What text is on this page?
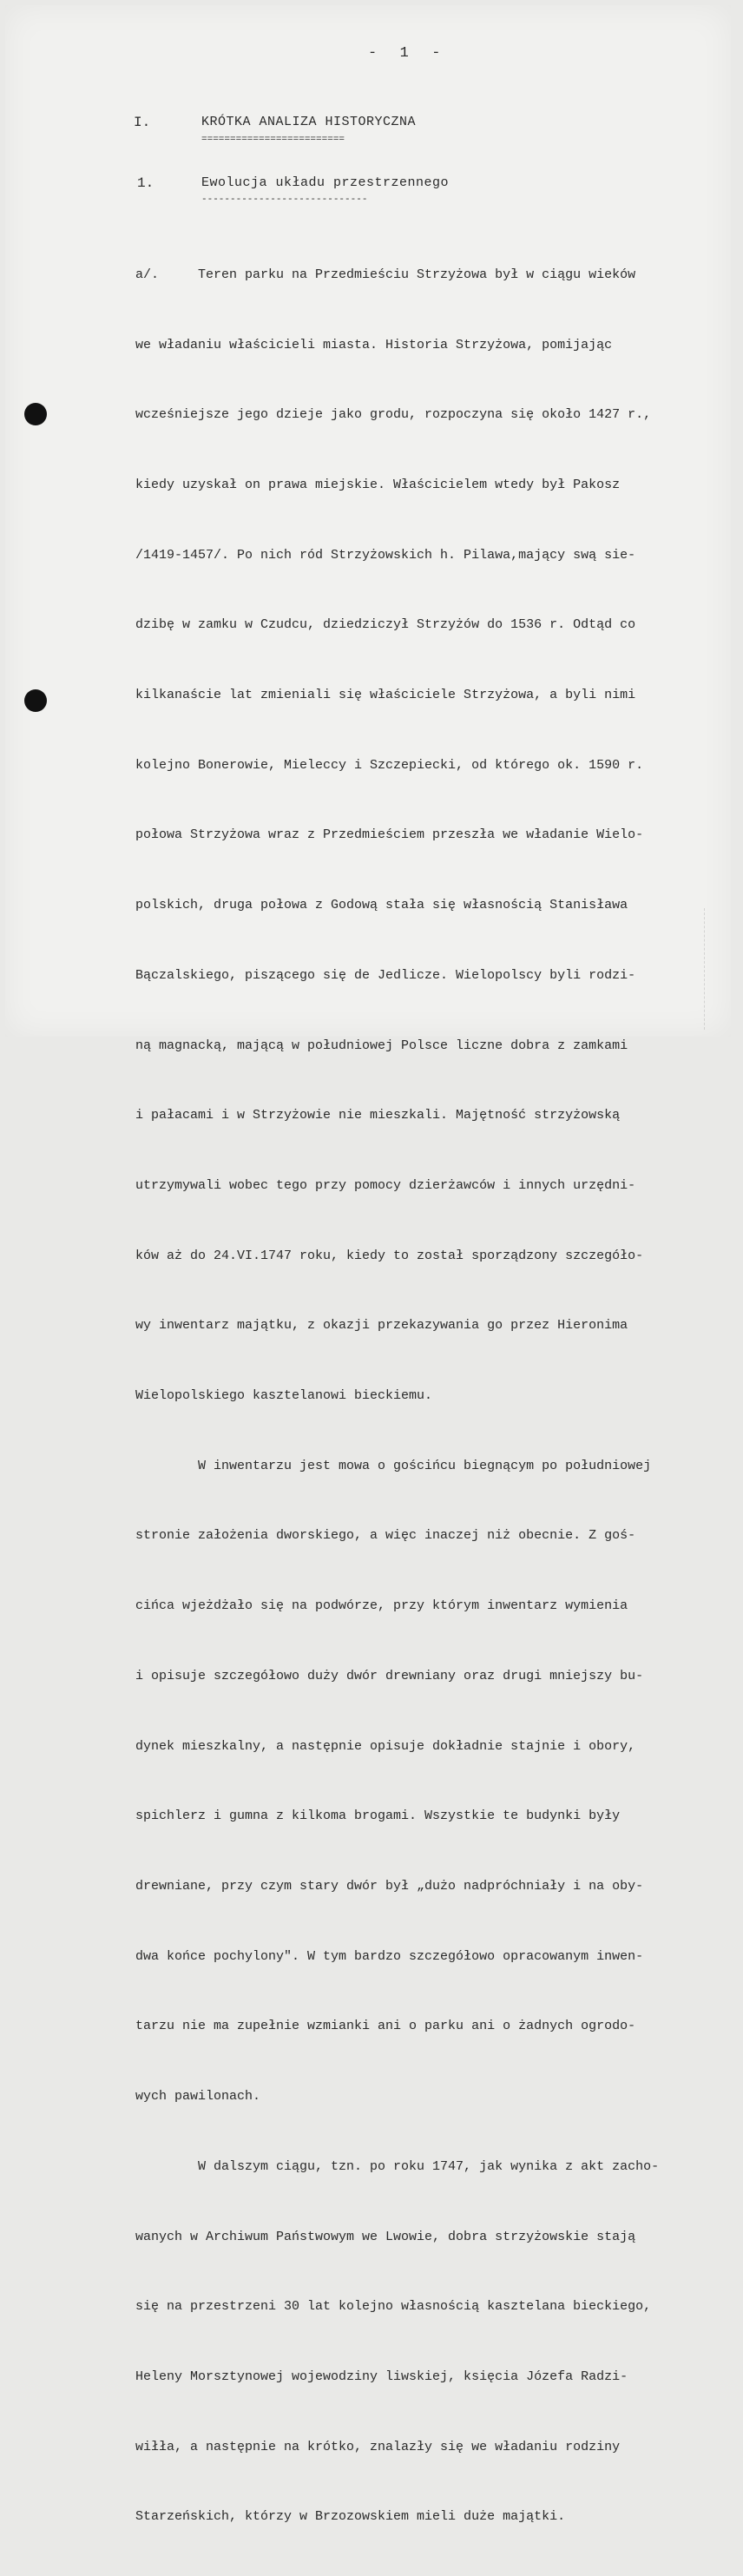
-  1  -
I.	KRÓTKA ANALIZA HISTORYCZNA
=========================
1.	Ewolucja układu przestrzennego
-----------------------------

a/.     Teren parku na Przedmieściu Strzyżowa był w ciągu wieków

we władaniu właścicieli miasta. Historia Strzyżowa, pomijając

wcześniejsze jego dzieje jako grodu, rozpoczyna się około 1427 r.,

kiedy uzyskał on prawa miejskie. Właścicielem wtedy był Pakosz

/1419-1457/. Po nich ród Strzyżowskich h. Pilawa,mający swą sie-

dzibę w zamku w Czudcu, dziedziczył Strzyżów do 1536 r. Odtąd co

kilkanaście lat zmieniali się właściciele Strzyżowa, a byli nimi

kolejno Bonerowie, Mieleccy i Szczepiecki, od którego ok. 1590 r.

połowa Strzyżowa wraz z Przedmieściem przeszła we władanie Wielo-

polskich, druga połowa z Godową stała się własnością Stanisława

Bączalskiego, piszącego się de Jedlicze. Wielopolscy byli rodzi-

ną magnacką, mającą w południowej Polsce liczne dobra z zamkami

i pałacami i w Strzyżowie nie mieszkali. Majętność strzyżowską

utrzymywali wobec tego przy pomocy dzierżawców i innych urzędni-

ków aż do 24.VI.1747 roku, kiedy to został sporządzony szczegóło-

wy inwentarz majątku, z okazji przekazywania go przez Hieronima

Wielopolskiego kasztelanowi bieckiemu.

W inwentarzu jest mowa o gościńcu biegnącym po południowej

stronie założenia dworskiego, a więc inaczej niż obecnie. Z goś-

cińca wjeżdżało się na podwórze, przy którym inwentarz wymienia

i opisuje szczegółowo duży dwór drewniany oraz drugi mniejszy bu-

dynek mieszkalny, a następnie opisuje dokładnie stajnie i obory,

spichlerz i gumna z kilkoma brogami. Wszystkie te budynki były

drewniane, przy czym stary dwór był „dużo nadpróchniały i na oby-

dwa końce pochylony". W tym bardzo szczegółowo opracowanym inwen-

tarzu nie ma zupełnie wzmianki ani o parku ani o żadnych ogrodo-

wych pawilonach.

W dalszym ciągu, tzn. po roku 1747, jak wynika z akt zacho-

wanych w Archiwum Państwowym we Lwowie, dobra strzyżowskie stają

się na przestrzeni 30 lat kolejno własnością kasztelana bieckiego,

Heleny Morsztynowej wojewodziny liwskiej, księcia Józefa Radzi-

wiłła, a następnie na krótko, znalazły się we władaniu rodziny

Starzeńskich, którzy w Brzozowskiem mieli duże majątki.
